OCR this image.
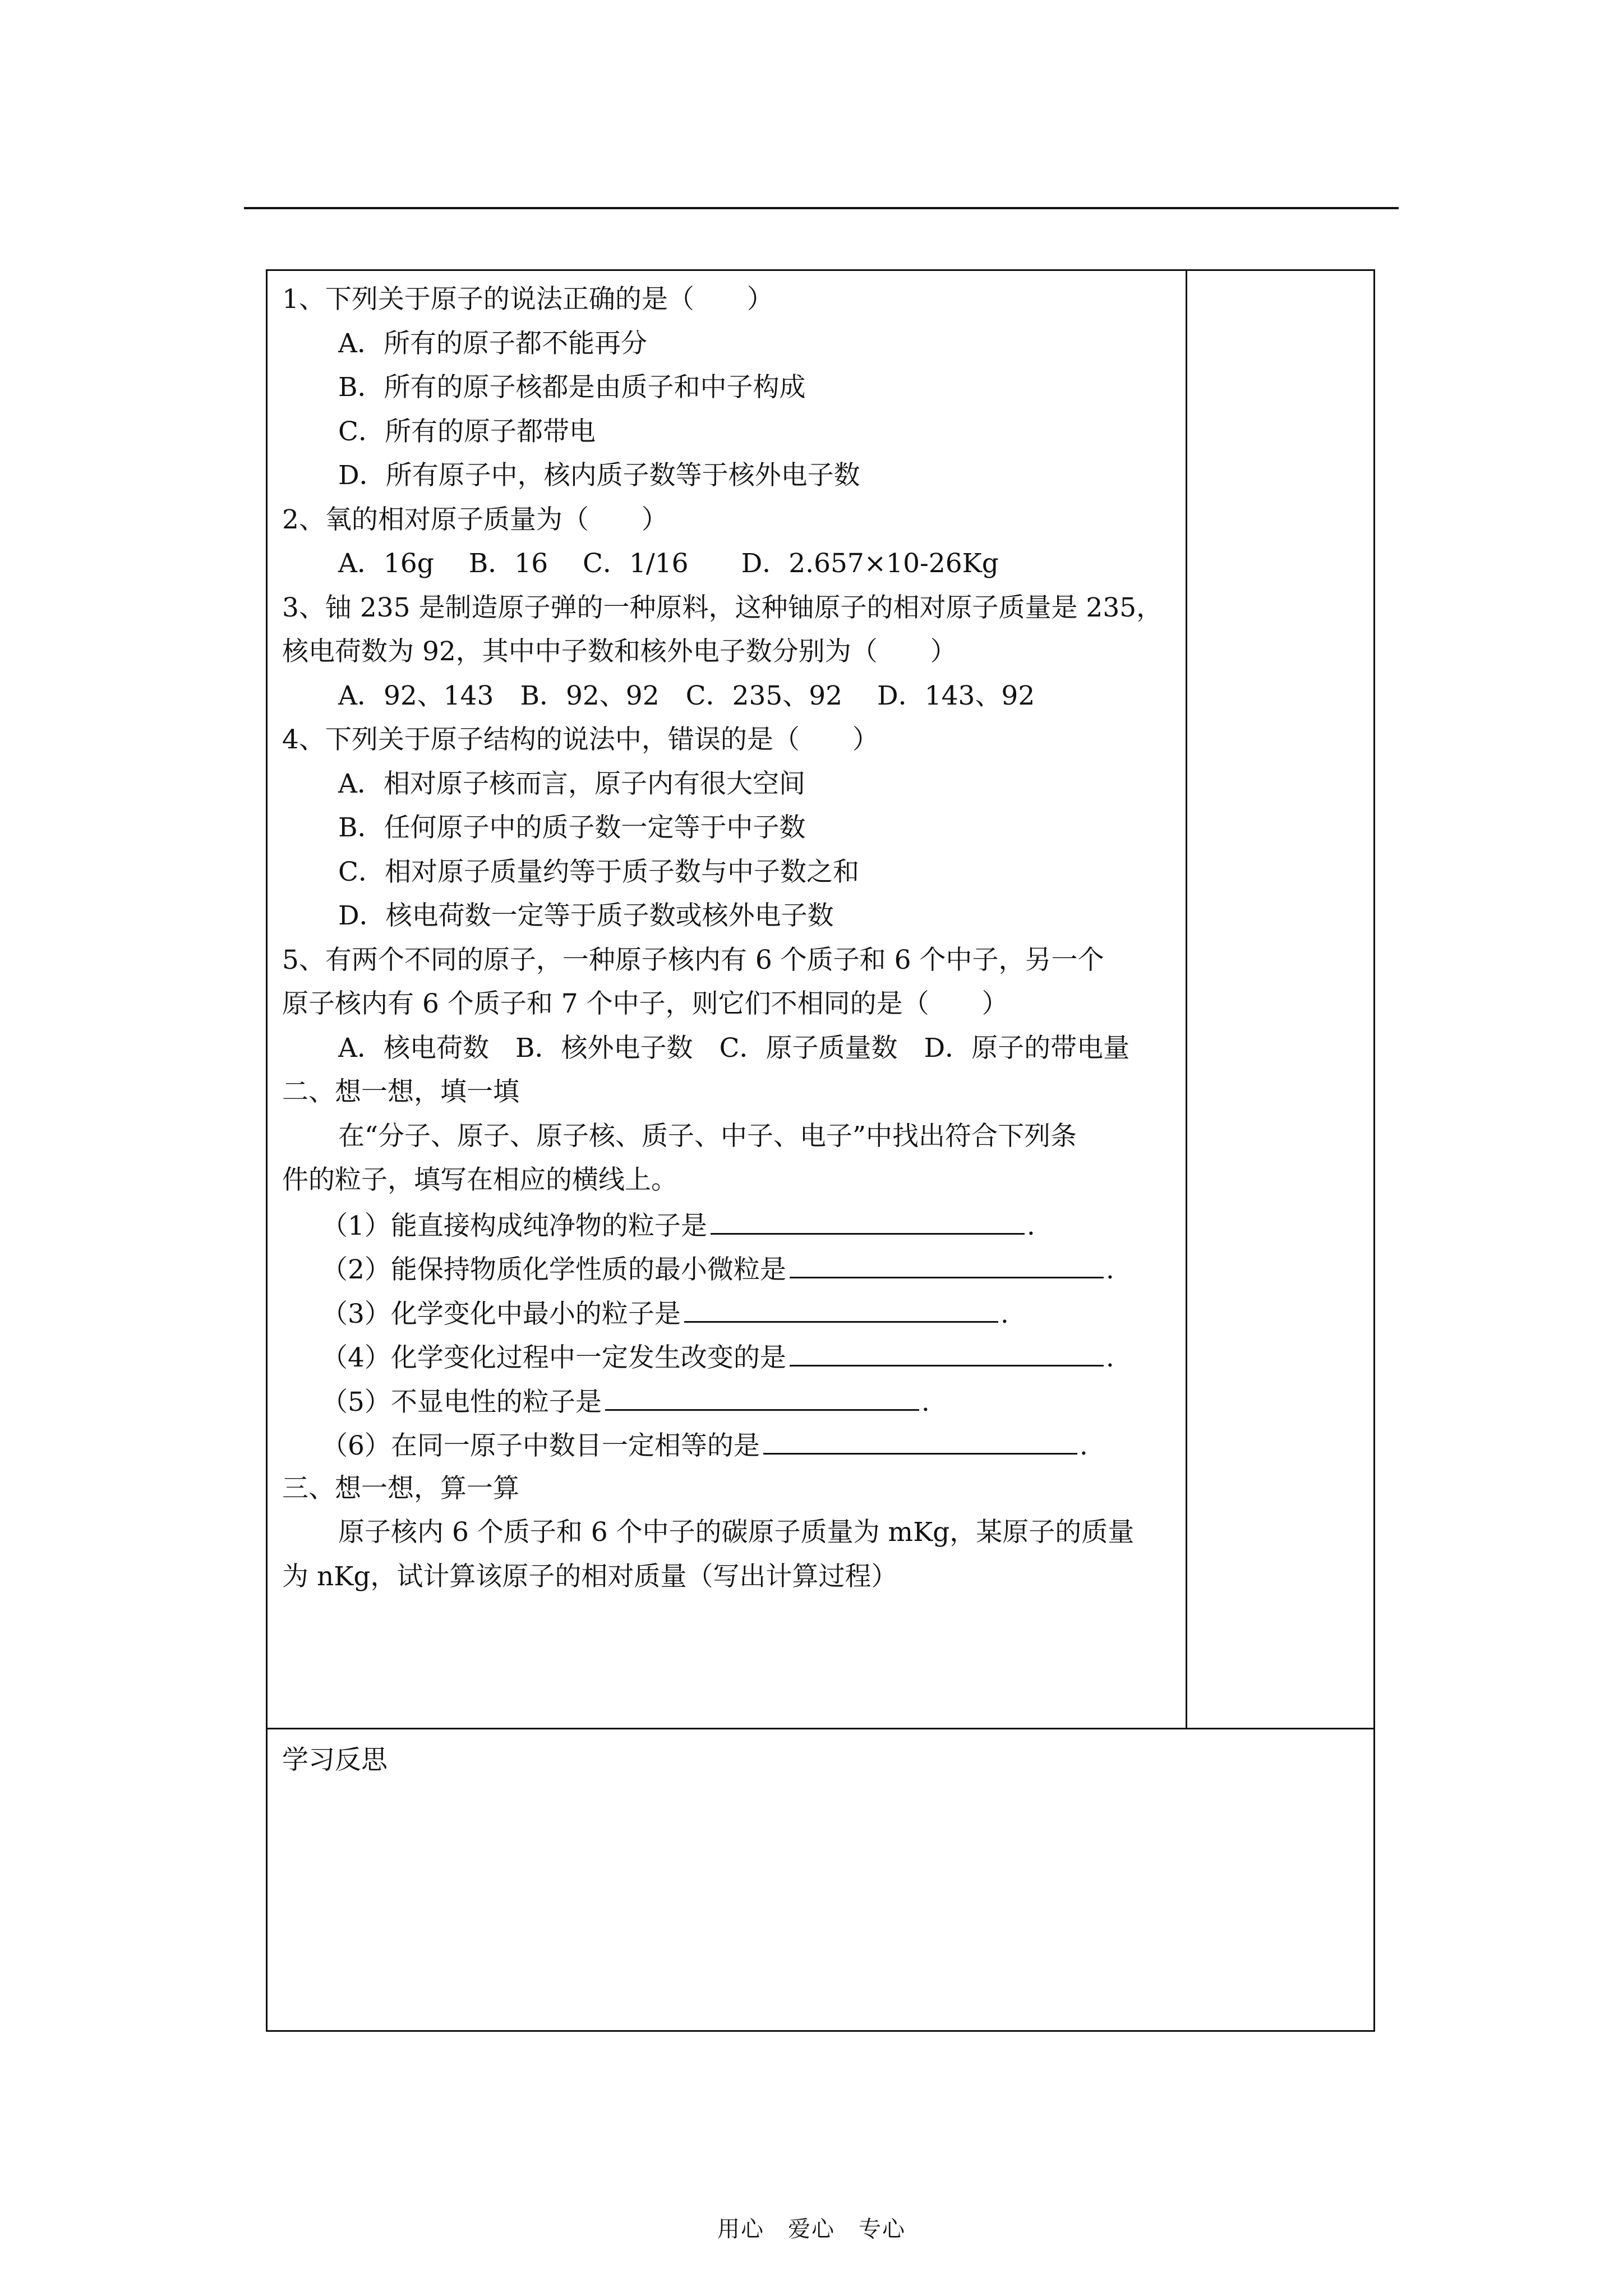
1、下列关于原子的说法正确的是（　　）
A．所有的原子都不能再分
B．所有的原子核都是由质子和中子构成
C．所有的原子都带电
D．所有原子中，核内质子数等于核外电子数
2、氧的相对原子质量为（　　）
A．16g　 B．16　 C．1/16　　D．2.657×10-26Kg
3、铀 235 是制造原子弹的一种原料，这种铀原子的相对原子质量是 235，
核电荷数为 92，其中中子数和核外电子数分别为（　　）
A．92、143　B．92、92　C．235、92　 D．143、92
4、下列关于原子结构的说法中，错误的是（　　）
A．相对原子核而言，原子内有很大空间
B．任何原子中的质子数一定等于中子数
C．相对原子质量约等于质子数与中子数之和
D．核电荷数一定等于质子数或核外电子数
5、有两个不同的原子，一种原子核内有 6 个质子和 6 个中子，另一个
原子核内有 6 个质子和 7 个中子，则它们不相同的是（　　）
A．核电荷数　B．核外电子数　C．原子质量数　D．原子的带电量
二、想一想，填一填
在“分子、原子、原子核、质子、中子、电子”中找出符合下列条
件的粒子，填写在相应的横线上。
（1）能直接构成纯净物的粒子是	.
（2）能保持物质化学性质的最小微粒是	.
（3）化学变化中最小的粒子是	.
（4）化学变化过程中一定发生改变的是	.
（5）不显电性的粒子是	.
（6）在同一原子中数目一定相等的是	.
三、想一想，算一算
原子核内 6 个质子和 6 个中子的碳原子质量为 mKg，某原子的质量
为 nKg，试计算该原子的相对质量（写出计算过程）
学习反思
用心　爱心　专心
